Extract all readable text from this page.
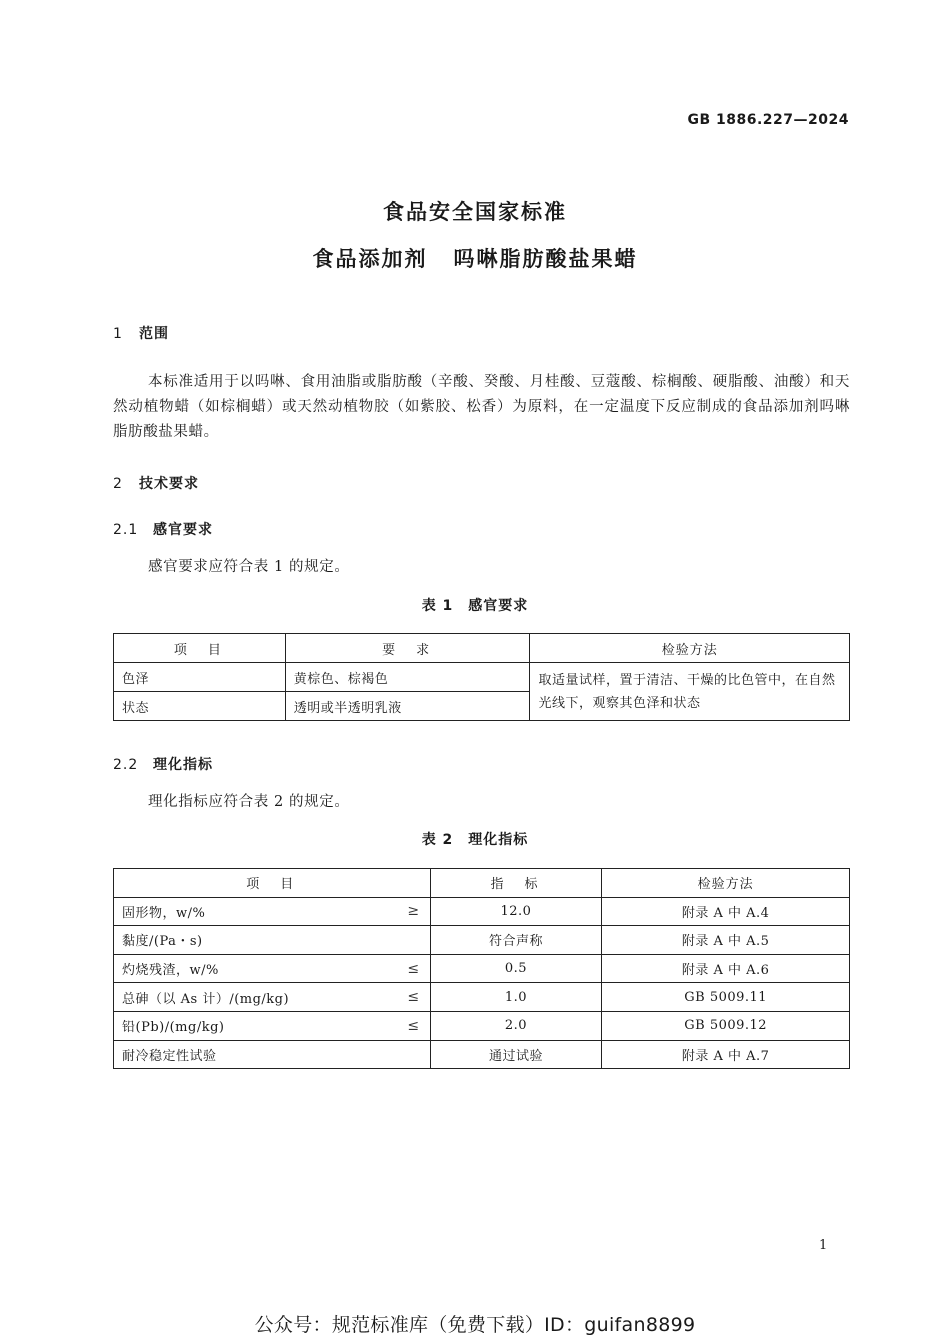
GB 1886.227—2024
食品安全国家标准
食品添加剂 吗啉脂肪酸盐果蜡
1 范围
本标准适用于以吗啉、食用油脂或脂肪酸（辛酸、癸酸、月桂酸、豆蔻酸、棕榈酸、硬脂酸、油酸）和天然动植物蜡（如棕榈蜡）或天然动植物胶（如紫胶、松香）为原料，在一定温度下反应制成的食品添加剂吗啉脂肪酸盐果蜡。
2 技术要求
2.1 感官要求
感官要求应符合表 1 的规定。
表 1　感官要求
项　目	要　求	检验方法
色泽	黄棕色、棕褐色	取适量试样，置于清洁、干燥的比色管中，在自然光线下，观察其色泽和状态
状态	透明或半透明乳液	
2.2 理化指标
理化指标应符合表 2 的规定。
表 2　理化指标
项　目	指　标	检验方法

固形物，w/% ≥	12.0	附录 A 中 A.4

黏度/(Pa・s)	符合声称	附录 A 中 A.5

灼烧残渣，w/% ≤	0.5	附录 A 中 A.6

总砷（以 As 计）/(mg/kg) ≤	1.0	GB 5009.11

铅(Pb)/(mg/kg) ≤	2.0	GB 5009.12

耐冷稳定性试验	通过试验	附录 A 中 A.7
1
公众号：规范标准库（免费下载）ID：guifan8899
